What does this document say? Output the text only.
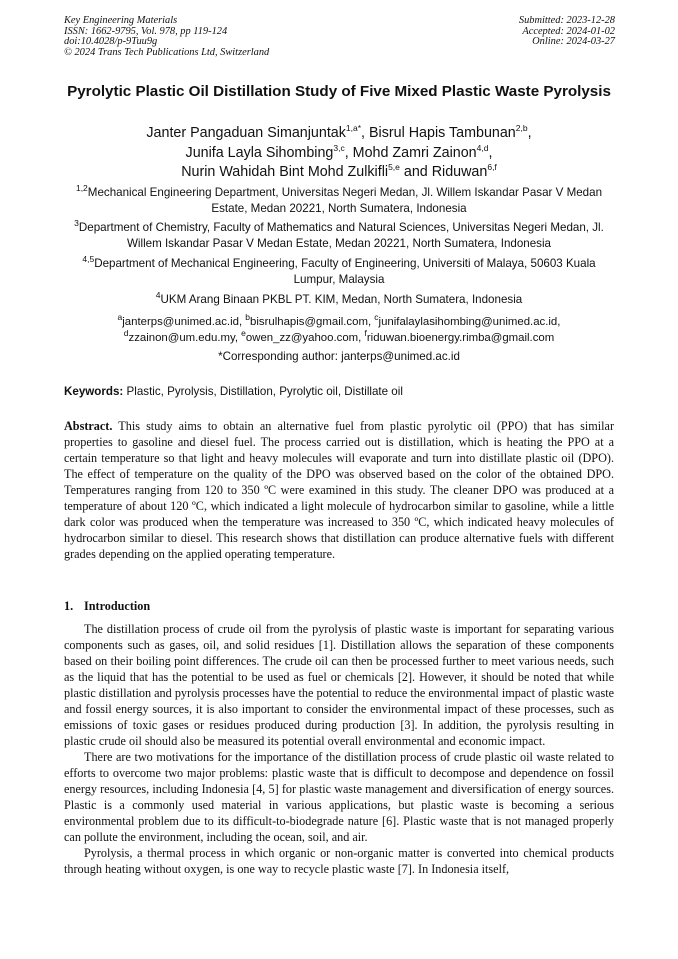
Key Engineering Materials
ISSN: 1662-9795, Vol. 978, pp 119-124
doi:10.4028/p-9Tuu9g
© 2024 Trans Tech Publications Ltd, Switzerland
Submitted: 2023-12-28
Accepted: 2024-01-02
Online: 2024-03-27
Pyrolytic Plastic Oil Distillation Study of Five Mixed Plastic Waste Pyrolysis
Janter Pangaduan Simanjuntak$^{1,a*}$, Bisrul Hapis Tambunan$^{2,b}$,
Junifa Layla Sihombing$^{3,c}$, Mohd Zamri Zainon$^{4,d}$,
Nurin Wahidah Bint Mohd Zulkifli$^{5,e}$ and Riduwan$^{6,f}$
$^{1,2}$Mechanical Engineering Department, Universitas Negeri Medan, Jl. Willem Iskandar Pasar V Medan Estate, Medan 20221, North Sumatera, Indonesia
$^3$Department of Chemistry, Faculty of Mathematics and Natural Sciences, Universitas Negeri Medan, Jl. Willem Iskandar Pasar V Medan Estate, Medan 20221, North Sumatera, Indonesia
$^{4,5}$Department of Mechanical Engineering, Faculty of Engineering, Universiti of Malaya, 50603 Kuala Lumpur, Malaysia
$^4$UKM Arang Binaan PKBL PT. KIM, Medan, North Sumatera, Indonesia
$^a$janterps@unimed.ac.id, $^b$bisrulhapis@gmail.com, $^c$junifalaylasihombing@unimed.ac.id,
$^d$zzainon@um.edu.my, $^e$owen_zz@yahoo.com, $^f$riduwan.bioenergy.rimba@gmail.com
*Corresponding author: janterps@unimed.ac.id
Keywords: Plastic, Pyrolysis, Distillation, Pyrolytic oil, Distillate oil
Abstract. This study aims to obtain an alternative fuel from plastic pyrolytic oil (PPO) that has similar properties to gasoline and diesel fuel. The process carried out is distillation, which is heating the PPO at a certain temperature so that light and heavy molecules will evaporate and turn into distillate plastic oil (DPO). The effect of temperature on the quality of the DPO was observed based on the color of the obtained DPO. Temperatures ranging from 120 to 350 ºC were examined in this study. The cleaner DPO was produced at a temperature of about 120 ºC, which indicated a light molecule of hydrocarbon similar to gasoline, while a little dark color was produced when the temperature was increased to 350 ºC, which indicated heavy molecules of hydrocarbon similar to diesel. This research shows that distillation can produce alternative fuels with different grades depending on the applied operating temperature.
1. Introduction

The distillation process of crude oil from the pyrolysis of plastic waste is important for separating various components such as gases, oil, and solid residues [1]. Distillation allows the separation of these components based on their boiling point differences. The crude oil can then be processed further to meet various needs, such as the liquid that has the potential to be used as fuel or chemicals [2]. However, it should be noted that while plastic distillation and pyrolysis processes have the potential to reduce the environmental impact of plastic waste and fossil energy sources, it is also important to consider the environmental impact of these processes, such as emissions of toxic gases or residues produced during production [3]. In addition, the pyrolysis resulting in plastic crude oil should also be measured its potential overall environmental and economic impact.

There are two motivations for the importance of the distillation process of crude plastic oil waste related to efforts to overcome two major problems: plastic waste that is difficult to decompose and dependence on fossil energy resources, including Indonesia [4, 5] for plastic waste management and diversification of energy sources. Plastic is a commonly used material in various applications, but plastic waste is becoming a serious environmental problem due to its difficult-to-biodegrade nature [6]. Plastic waste that is not managed properly can pollute the environment, including the ocean, soil, and air.

Pyrolysis, a thermal process in which organic or non-organic matter is converted into chemical products through heating without oxygen, is one way to recycle plastic waste [7]. In Indonesia itself,
